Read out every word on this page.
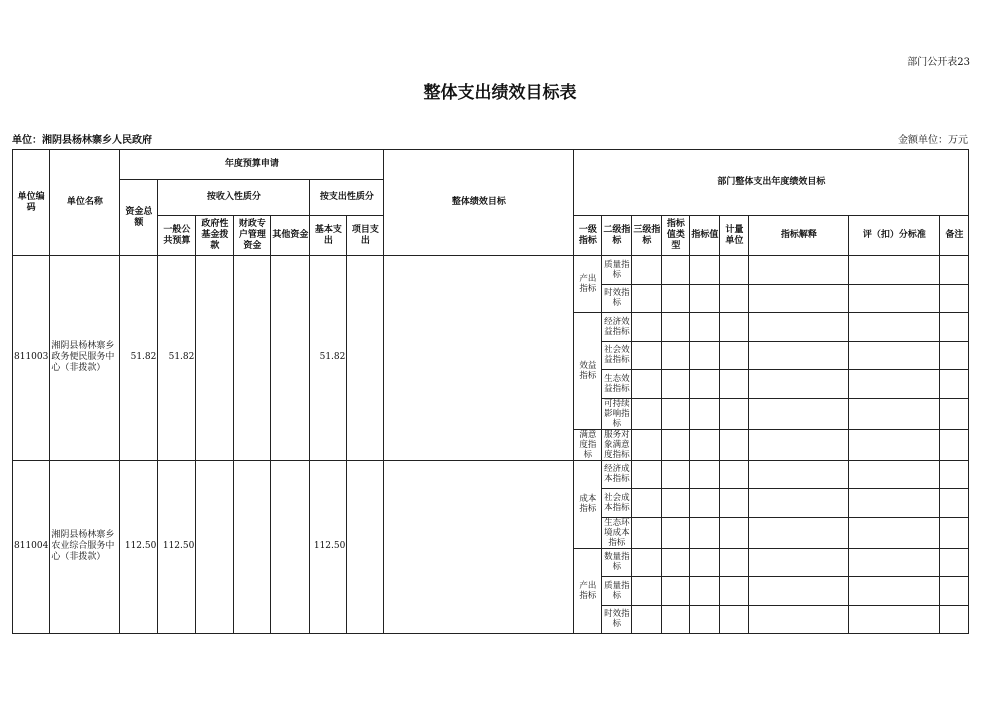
部门公开表23
整体支出绩效目标表
单位：湘阴县杨林寨乡人民政府	金额单位：万元
单位编码	单位名称	年度预算申请							整体绩效目标	部门整体支出年度绩效目标								
		资金总额	按收入性质分				按支出性质分											
			一般公共预算	政府性基金拨款	财政专户管理资金	其他资金	基本支出	项目支出		一级指标	二级指标	三级指标	指标值类型	指标值	计量单位	指标解释	评（扣）分标准	备注
811003	湘阴县杨林寨乡政务便民服务中心（非拨款）	51.82	51.82				51.82			产出指标	质量指标							
											时效指标							
										效益指标	经济效益指标							
											社会效益指标							
											生态效益指标							
											可持续影响指标							
										满意度指标	服务对象满意度指标							
811004	湘阴县杨林寨乡农业综合服务中心（非拨款）	112.50	112.50				112.50			成本指标	经济成本指标							
											社会成本指标							
											生态环境成本指标							
										产出指标	数量指标							
											质量指标							
											时效指标							
